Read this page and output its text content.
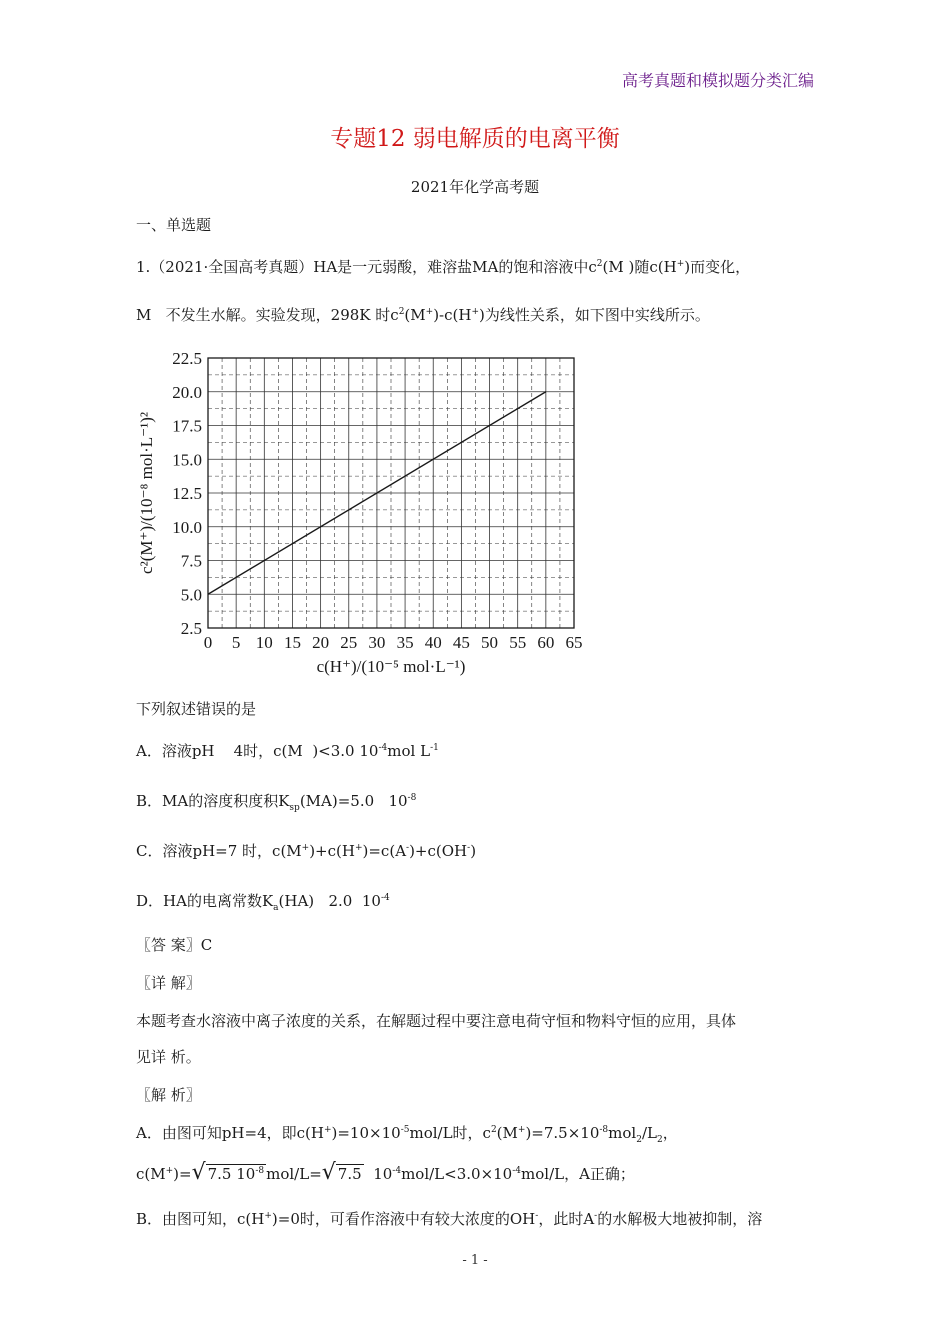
高考真题和模拟题分类汇编
专题12 弱电解质的电离平衡
2021年化学高考题
一、单选题
1.（2021·全国高考真题）HA是一元弱酸，难溶盐MA的饱和溶液中$c^2(M$ )随c(H+)而变化，
M 不发生水解。实验发现，298K 时$c^2(M^+)-c(H^+)$为线性关系，如下图中实线所示。
2.5
5.0
7.5
10.0
12.5
15.0
17.5
20.0
22.5
0 5 10 15 20 25 30 35 40 45 50 55 60 65
c(H⁺)/(10⁻⁵ mol·L⁻¹)
c²(M⁺)/(10⁻⁸ mol·L⁻¹)²
下列叙述错误的是
A．溶液pH 4时，c(M )<3.0 $10^{-4}mol$ $L^{-1}$
B．MA的溶度积度积$K_{sp}(MA)=5.0$ $10^{-8}$
C．溶液pH=7 时，c(M+)+c(H+)=c(A-)+c(OH-)
D．HA的电离常数$K_a(HA)$ 2.0 $10^{-4}$
〖答 案〗C
〖详 解〗
本题考查水溶液中离子浓度的关系，在解题过程中要注意电荷守恒和物料守恒的应用，具体
见详 析。
〖解 析〗
A．由图可知pH=4，即$c(H^+)=10\times 10^{-5}mol/L$时，$c^2(M^+)=7.5\times 10^{-8}mol_2/L_2$，
c(M+)=√ 7.5 $10^{-8}$ mol/L=√ 7.5 $10^{-4}mol/L<3.0\times 10^{-4}mol/L$，A正确；
B．由图可知，c(H+)=0时，可看作溶液中有较大浓度的OH-，此时A-的水解极大地被抑制，溶
- 1 -
